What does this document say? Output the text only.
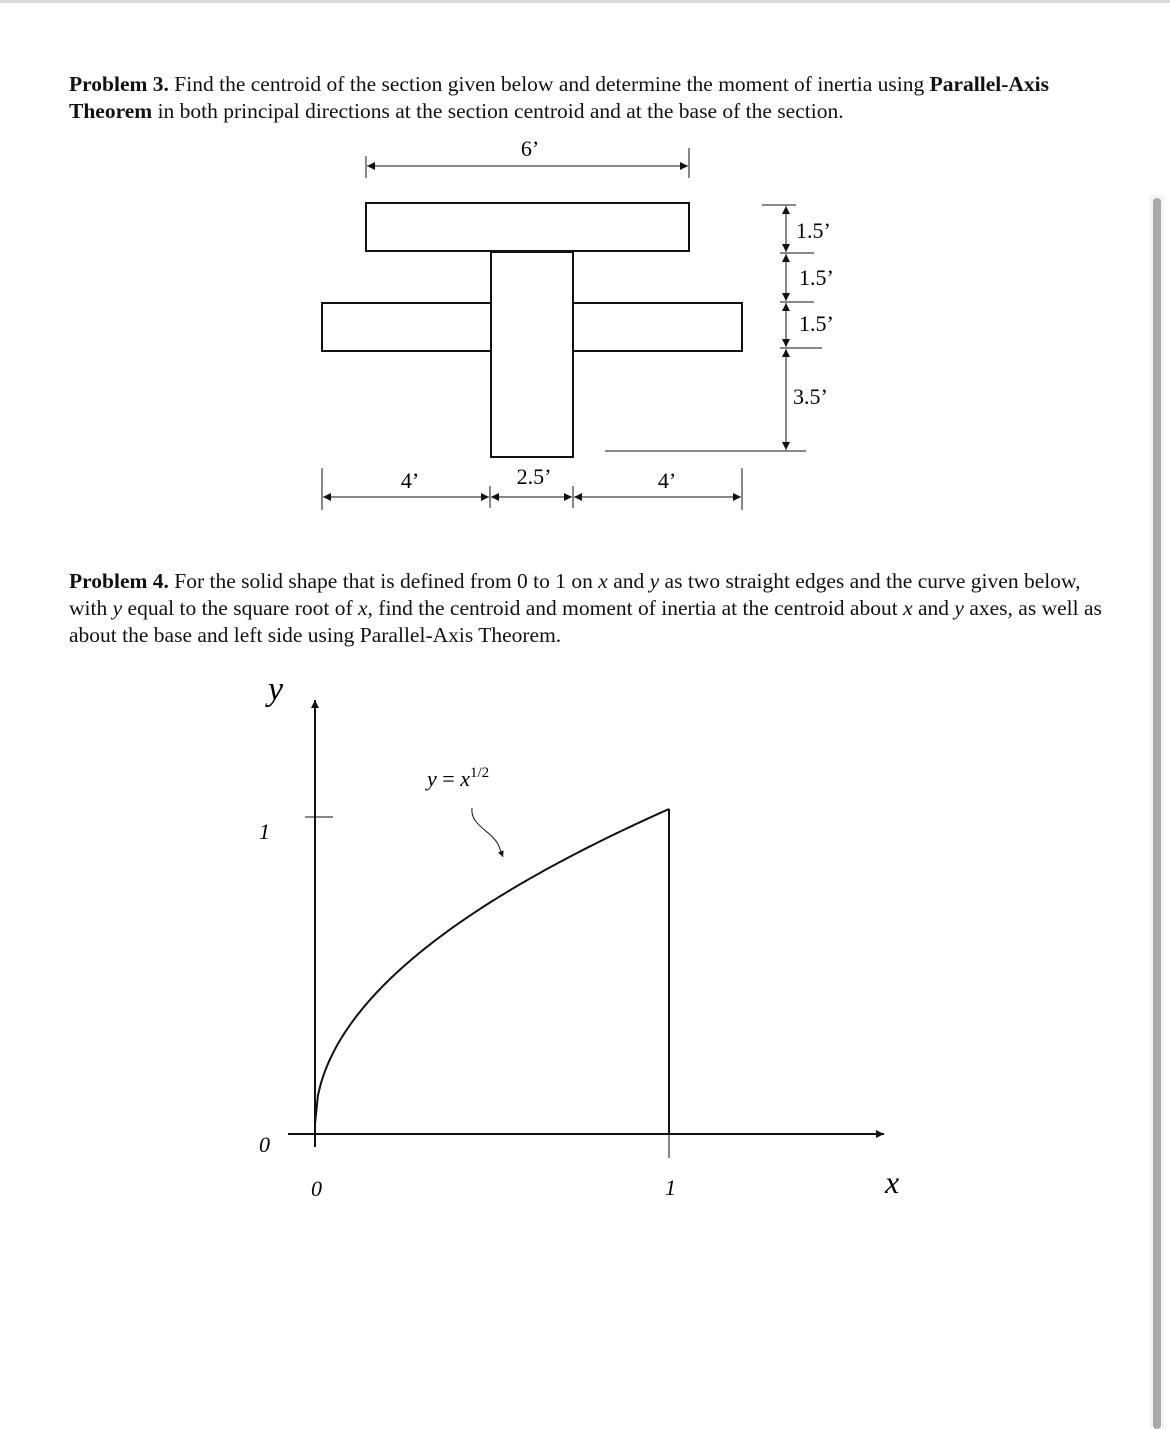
Problem 3. Find the centroid of the section given below and determine the moment of inertia using Parallel-Axis Theorem in both principal directions at the section centroid and at the base of the section.
6’
1.5’
1.5’
1.5’
3.5’
4’	2.5’	4’
Problem 4. For the solid shape that is defined from 0 to 1 on x and y as two straight edges and the curve given below, with y equal to the square root of x, find the centroid and moment of inertia at the centroid about x and y axes, as well as about the base and left side using Parallel-Axis Theorem.
y
x
1
0
0	1
$y = x^{1/2}$
